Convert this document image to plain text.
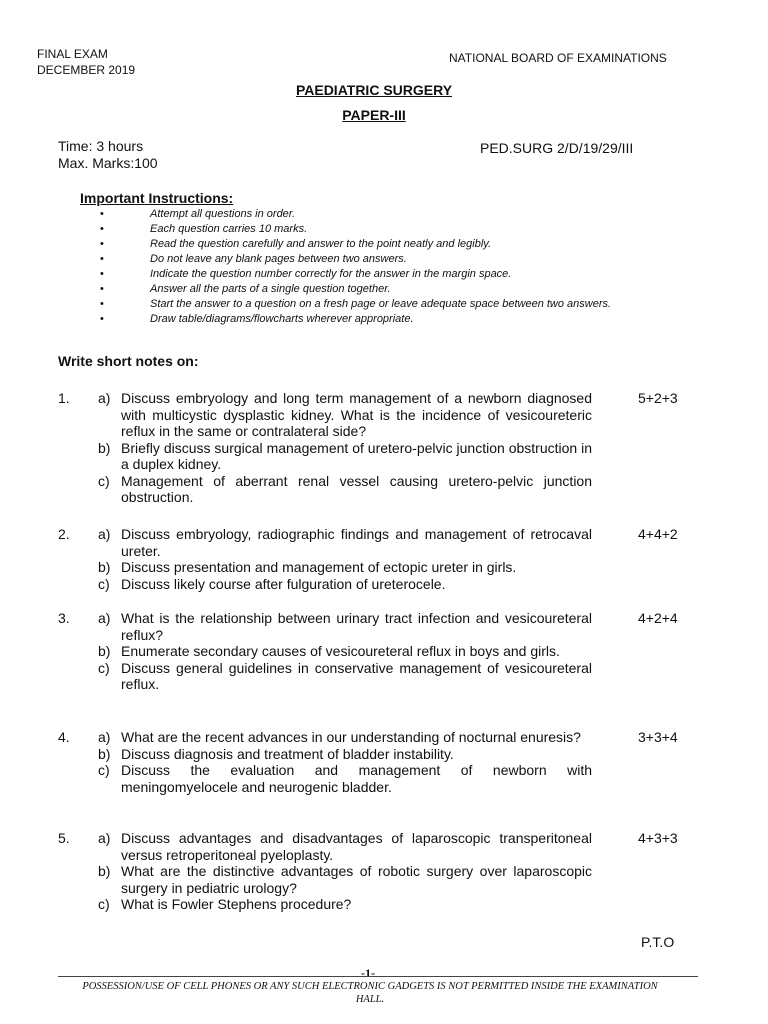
FINAL EXAM
DECEMBER 2019
NATIONAL BOARD OF EXAMINATIONS
PAEDIATRIC SURGERY
PAPER-III
Time: 3 hours
Max. Marks:100
PED.SURG 2/D/19/29/III
Important Instructions:
•	Attempt all questions in order.
•	Each question carries 10 marks.
•	Read the question carefully and answer to the point neatly and legibly.
•	Do not leave any blank pages between two answers.
•	Indicate the question number correctly for the answer in the margin space.
•	Answer all the parts of a single question together.
•	Start the answer to a question on a fresh page or leave adequate space between two answers.
•	Draw table/diagrams/flowcharts wherever appropriate.
Write short notes on:
1. a) Discuss embryology and long term management of a newborn diagnosed with multicystic dysplastic kidney. What is the incidence of vesicoureteric reflux in the same or contralateral side?
b) Briefly discuss surgical management of uretero-pelvic junction obstruction in a duplex kidney.
c) Management of aberrant renal vessel causing uretero-pelvic junction obstruction.
5+2+3
2. a) Discuss embryology, radiographic findings and management of retrocaval ureter.
b) Discuss presentation and management of ectopic ureter in girls.
c) Discuss likely course after fulguration of ureterocele.
4+4+2
3. a) What is the relationship between urinary tract infection and vesicoureteral reflux?
b) Enumerate secondary causes of vesicoureteral reflux in boys and girls.
c) Discuss general guidelines in conservative management of vesicoureteral reflux.
4+2+4
4. a) What are the recent advances in our understanding of nocturnal enuresis?
b) Discuss diagnosis and treatment of bladder instability.
c) Discuss the evaluation and management of newborn with meningomyelocele and neurogenic bladder.
3+3+4
5. a) Discuss advantages and disadvantages of laparoscopic transperitoneal versus retroperitoneal pyeloplasty.
b) What are the distinctive advantages of robotic surgery over laparoscopic surgery in pediatric urology?
c) What is Fowler Stephens procedure?
4+3+3
P.T.O
-1-
POSSESSION/USE OF CELL PHONES OR ANY SUCH ELECTRONIC GADGETS IS NOT PERMITTED INSIDE THE EXAMINATION HALL.
